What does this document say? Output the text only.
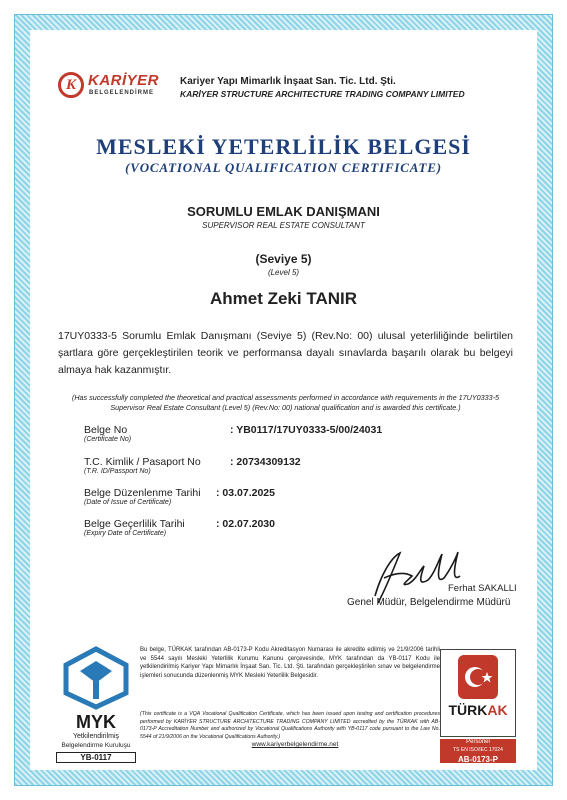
K KARİYER
BELGELENDİRME
Kariyer Yapı Mimarlık İnşaat San. Tic. Ltd. Şti.
KARİYER STRUCTURE ARCHITECTURE TRADING COMPANY LIMITED
MESLEKİ YETERLİLİK BELGESİ
(VOCATIONAL QUALIFICATION CERTIFICATE)
SORUMLU EMLAK DANIŞMANI
SUPERVISOR REAL ESTATE CONSULTANT
(Seviye 5)
(Level 5)
Ahmet Zeki TANIR
17UY0333-5 Sorumlu Emlak Danışmanı (Seviye 5) (Rev.No: 00) ulusal yeterliliğinde belirtilen şartlara göre gerçekleştirilen teorik ve performansa dayalı sınavlarda başarılı olarak bu belgeyi almaya hak kazanmıştır.
(Has successfully completed the theoretical and practical assessments performed in accordance with requirements in the 17UY0333-5 Supervisor Real Estate Consultant (Level 5) (Rev.No: 00) national qualification and is awarded this certificate.)
Belge No
(Certificate No)
: YB0117/17UY0333-5/00/24031
T.C. Kimlik / Pasaport No
(T.R. ID/Passport No)
: 20734309132
Belge Düzenlenme Tarihi
(Date of Issue of Certificate)
: 03.07.2025
Belge Geçerlilik Tarihi
(Expiry Date of Certificate)
: 02.07.2030
Ferhat SAKALLI
Genel Müdür, Belgelendirme Müdürü
MYK
Yetkilendirilmiş
Belgelendirme Kuruluşu
YB-0117
Bu belge, TÜRKAK tarafından AB-0173-P Kodu Akreditasyon Numarası ile akredite edilmiş ve 21/9/2006 tarihli ve 5544 sayılı Mesleki Yeterlilik Kurumu Kanunu çerçevesinde, MYK tarafından da YB-0117 Kodu ile yetkilendirilmiş Kariyer Yapı Mimarlık İnşaat San. Tic. Ltd. Şti. tarafından gerçekleştirilen sınav ve belgelendirme işlemleri sonucunda düzenlenmiş MYK Mesleki Yeterlilik Belgesidir.
(This certificate is a VQA Vocational Qualification Certificate, which has been issued upon testing and certification procedures performed by KARİYER STRUCTURE ARCHITECTURE TRADING COMPANY LIMITED accredited by the TÜRKAK with AB-0173-P Accreditation Number and authorized by Vocational Qualifications Authority with YB-0117 code pursuant to the Law No. 5544 of 21/9/2006 on the Vocational Qualifications Authority.)
www.kariyerbelgelendirme.net
TÜRKAK
Personel
TS EN ISO/IEC 17024
AB-0173-P
